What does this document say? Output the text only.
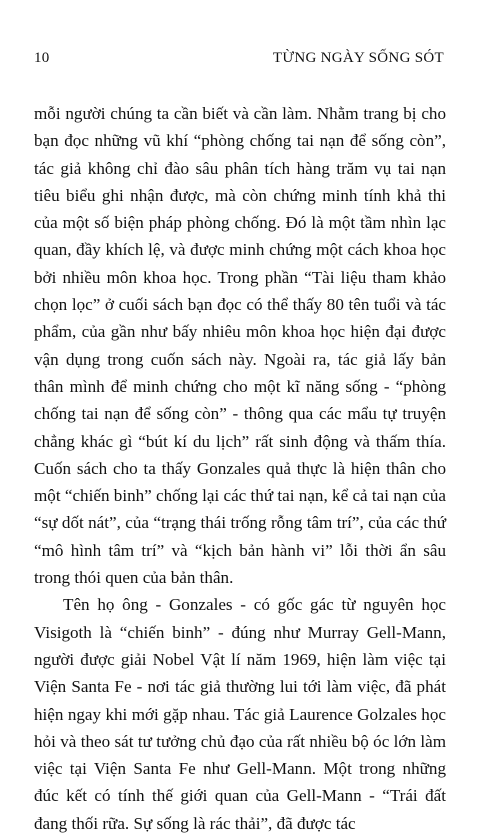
10	TỪNG NGÀY SỐNG SÓT

mỗi người chúng ta cần biết và cần làm. Nhằm trang bị cho bạn đọc những vũ khí “phòng chống tai nạn để sống còn”, tác giả không chỉ đào sâu phân tích hàng trăm vụ tai nạn tiêu biểu ghi nhận được, mà còn chứng minh tính khả thi của một số biện pháp phòng chống. Đó là một tầm nhìn lạc quan, đầy khích lệ, và được minh chứng một cách khoa học bởi nhiều môn khoa học. Trong phần “Tài liệu tham khảo chọn lọc” ở cuối sách bạn đọc có thể thấy 80 tên tuổi và tác phẩm, của gần như bấy nhiêu môn khoa học hiện đại được vận dụng trong cuốn sách này. Ngoài ra, tác giả lấy bản thân mình để minh chứng cho một kĩ năng sống - “phòng chống tai nạn để sống còn” - thông qua các mẩu tự truyện chẳng khác gì “bút kí du lịch” rất sinh động và thấm thía. Cuốn sách cho ta thấy Gonzales quả thực là hiện thân cho một “chiến binh” chống lại các thứ tai nạn, kể cả tai nạn của “sự dốt nát”, của “trạng thái trống rỗng tâm trí”, của các thứ “mô hình tâm trí” và “kịch bản hành vi” lỗi thời ẩn sâu trong thói quen của bản thân.

Tên họ ông - Gonzales - có gốc gác từ nguyên học Visigoth là “chiến binh” - đúng như Murray Gell-Mann, người được giải Nobel Vật lí năm 1969, hiện làm việc tại Viện Santa Fe - nơi tác giả thường lui tới làm việc, đã phát hiện ngay khi mới gặp nhau. Tác giả Laurence Golzales học hỏi và theo sát tư tưởng chủ đạo của rất nhiều bộ óc lớn làm việc tại Viện Santa Fe như Gell-Mann. Một trong những đúc kết có tính thế giới quan của Gell-Mann - “Trái đất đang thối rữa. Sự sống là rác thải”, đã được tác
